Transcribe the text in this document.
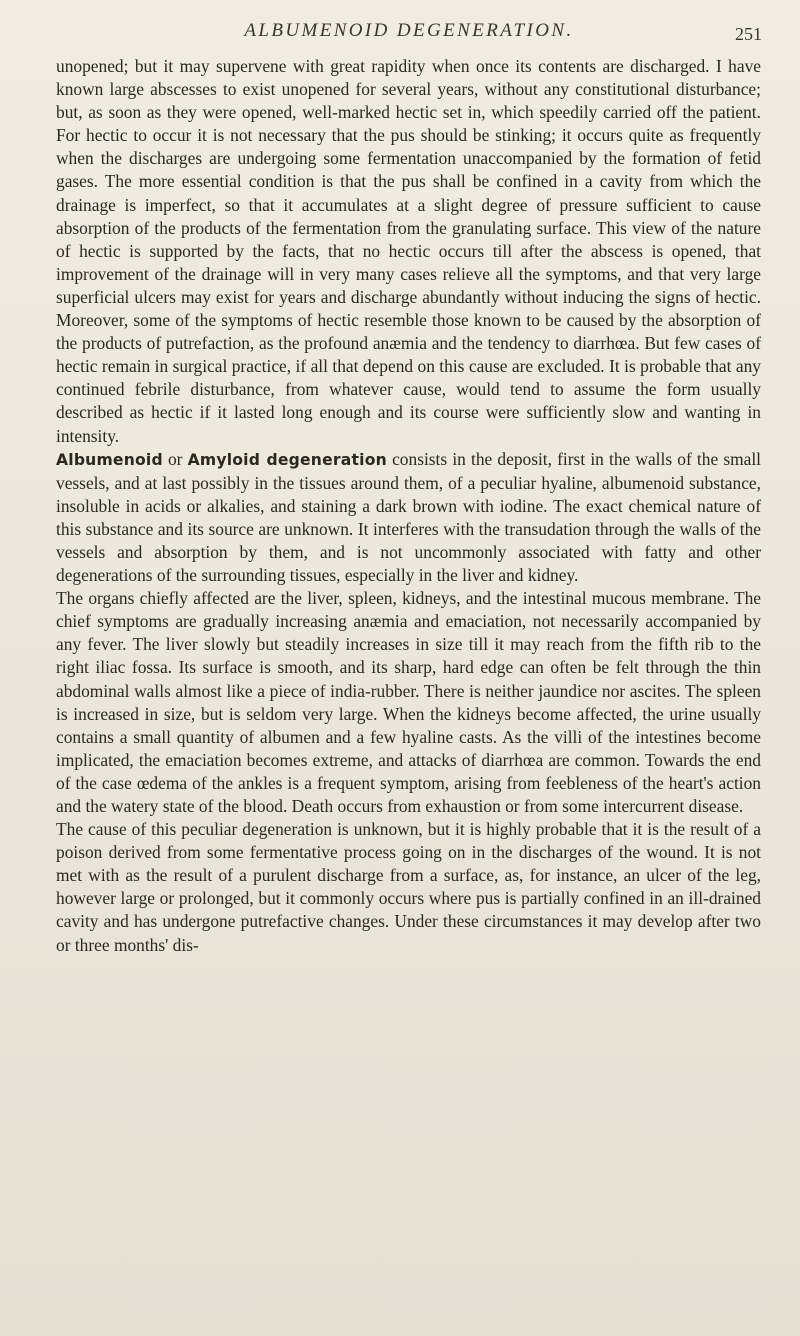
ALBUMENOID DEGENERATION.	251

unopened; but it may supervene with great rapidity when once its contents are discharged. I have known large abscesses to exist unopened for several years, without any constitutional disturbance; but, as soon as they were opened, well-marked hectic set in, which speedily carried off the patient. For hectic to occur it is not necessary that the pus should be stinking; it occurs quite as frequently when the discharges are undergoing some fermentation unaccompanied by the formation of fetid gases. The more essential condition is that the pus shall be confined in a cavity from which the drainage is imperfect, so that it accumulates at a slight degree of pressure sufficient to cause absorption of the products of the fermentation from the granulating surface. This view of the nature of hectic is supported by the facts, that no hectic occurs till after the abscess is opened, that improvement of the drainage will in very many cases relieve all the symptoms, and that very large superficial ulcers may exist for years and discharge abundantly without inducing the signs of hectic. Moreover, some of the symptoms of hectic resemble those known to be caused by the absorption of the products of putrefaction, as the profound anæmia and the tendency to diarrhœa. But few cases of hectic remain in surgical practice, if all that depend on this cause are excluded. It is probable that any continued febrile disturbance, from whatever cause, would tend to assume the form usually described as hectic if it lasted long enough and its course were sufficiently slow and wanting in intensity.

Albumenoid or Amyloid degeneration consists in the deposit, first in the walls of the small vessels, and at last possibly in the tissues around them, of a peculiar hyaline, albumenoid substance, insoluble in acids or alkalies, and staining a dark brown with iodine. The exact chemical nature of this substance and its source are unknown. It interferes with the transudation through the walls of the vessels and absorption by them, and is not uncommonly associated with fatty and other degenerations of the surrounding tissues, especially in the liver and kidney.

The organs chiefly affected are the liver, spleen, kidneys, and the intestinal mucous membrane. The chief symptoms are gradually increasing anæmia and emaciation, not necessarily accompanied by any fever. The liver slowly but steadily increases in size till it may reach from the fifth rib to the right iliac fossa. Its surface is smooth, and its sharp, hard edge can often be felt through the thin abdominal walls almost like a piece of india-rubber. There is neither jaundice nor ascites. The spleen is increased in size, but is seldom very large. When the kidneys become affected, the urine usually contains a small quantity of albumen and a few hyaline casts. As the villi of the intestines become implicated, the emaciation becomes extreme, and attacks of diarrhœa are common. Towards the end of the case œdema of the ankles is a frequent symptom, arising from feebleness of the heart's action and the watery state of the blood. Death occurs from exhaustion or from some intercurrent disease.

The cause of this peculiar degeneration is unknown, but it is highly probable that it is the result of a poison derived from some fermentative process going on in the discharges of the wound. It is not met with as the result of a purulent discharge from a surface, as, for instance, an ulcer of the leg, however large or prolonged, but it commonly occurs where pus is partially confined in an ill-drained cavity and has undergone putrefactive changes. Under these circumstances it may develop after two or three months' dis-
